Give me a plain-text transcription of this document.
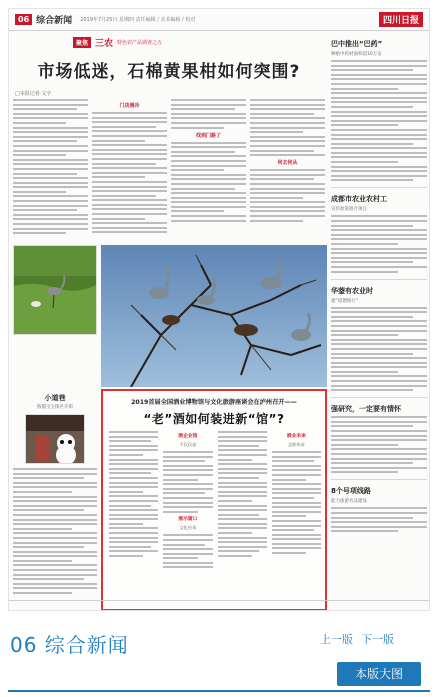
06 综合新闻 2019年7月25日 星期四 责任编辑 / 美术编辑 / 校对	四川日报
聚焦 三农 特色农产品调查之五
市场低迷，石棉黄果柑如何突围?
□本报记者 文字
门店遇冷
找到门路了
何去何从
小道巷
熊猫宝宝街区开街
2019首届全国酒业博物馆与文化旅游座谈会在泸州召开——
“老”酒如何装进新“馆”?
酒企业馆
不仅仅是
展示窗口
文化传承
酒业未来
怎样传承
巴中推出“巴药”
种植中药材面积超10万亩
成都市农业农村工
宣传政策推介项目
华蓥有农业时
建“道德银行”
强研究，一定要有情怀
8个号项线路
能力旅游名品建设
06 综合新闻	上一版 下一版
本版大图
